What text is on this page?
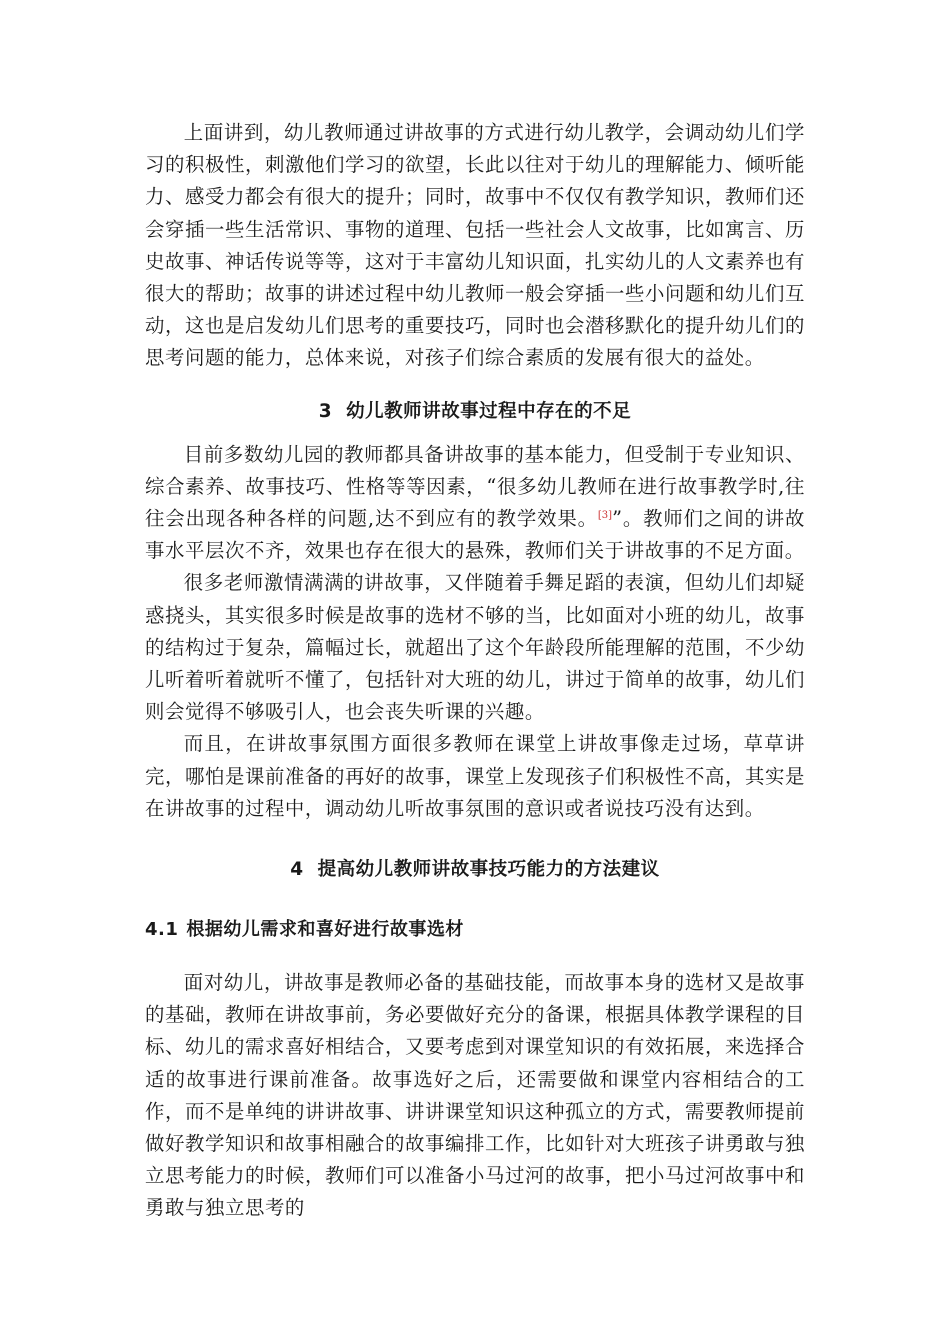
上面讲到，幼儿教师通过讲故事的方式进行幼儿教学，会调动幼儿们学习的积极性，刺激他们学习的欲望，长此以往对于幼儿的理解能力、倾听能力、感受力都会有很大的提升；同时，故事中不仅仅有教学知识，教师们还会穿插一些生活常识、事物的道理、包括一些社会人文故事，比如寓言、历史故事、神话传说等等，这对于丰富幼儿知识面，扎实幼儿的人文素养也有很大的帮助；故事的讲述过程中幼儿教师一般会穿插一些小问题和幼儿们互动，这也是启发幼儿们思考的重要技巧，同时也会潜移默化的提升幼儿们的思考问题的能力，总体来说，对孩子们综合素质的发展有很大的益处。

3 幼儿教师讲故事过程中存在的不足

目前多数幼儿园的教师都具备讲故事的基本能力，但受制于专业知识、综合素养、故事技巧、性格等等因素，“很多幼儿教师在进行故事教学时,往往会出现各种各样的问题,达不到应有的教学效果。[3]”。教师们之间的讲故事水平层次不齐，效果也存在很大的悬殊，教师们关于讲故事的不足方面。

很多老师激情满满的讲故事，又伴随着手舞足蹈的表演，但幼儿们却疑惑挠头，其实很多时候是故事的选材不够的当，比如面对小班的幼儿，故事的结构过于复杂，篇幅过长，就超出了这个年龄段所能理解的范围，不少幼儿听着听着就听不懂了，包括针对大班的幼儿，讲过于简单的故事，幼儿们则会觉得不够吸引人，也会丧失听课的兴趣。

而且，在讲故事氛围方面很多教师在课堂上讲故事像走过场，草草讲完，哪怕是课前准备的再好的故事，课堂上发现孩子们积极性不高，其实是在讲故事的过程中，调动幼儿听故事氛围的意识或者说技巧没有达到。

4 提高幼儿教师讲故事技巧能力的方法建议
4.1 根据幼儿需求和喜好进行故事选材

面对幼儿，讲故事是教师必备的基础技能，而故事本身的选材又是故事的基础，教师在讲故事前，务必要做好充分的备课，根据具体教学课程的目标、幼儿的需求喜好相结合，又要考虑到对课堂知识的有效拓展，来选择合适的故事进行课前准备。故事选好之后，还需要做和课堂内容相结合的工作，而不是单纯的讲讲故事、讲讲课堂知识这种孤立的方式，需要教师提前做好教学知识和故事相融合的故事编排工作，比如针对大班孩子讲勇敢与独立思考能力的时候，教师们可以准备小马过河的故事，把小马过河故事中和勇敢与独立思考的
